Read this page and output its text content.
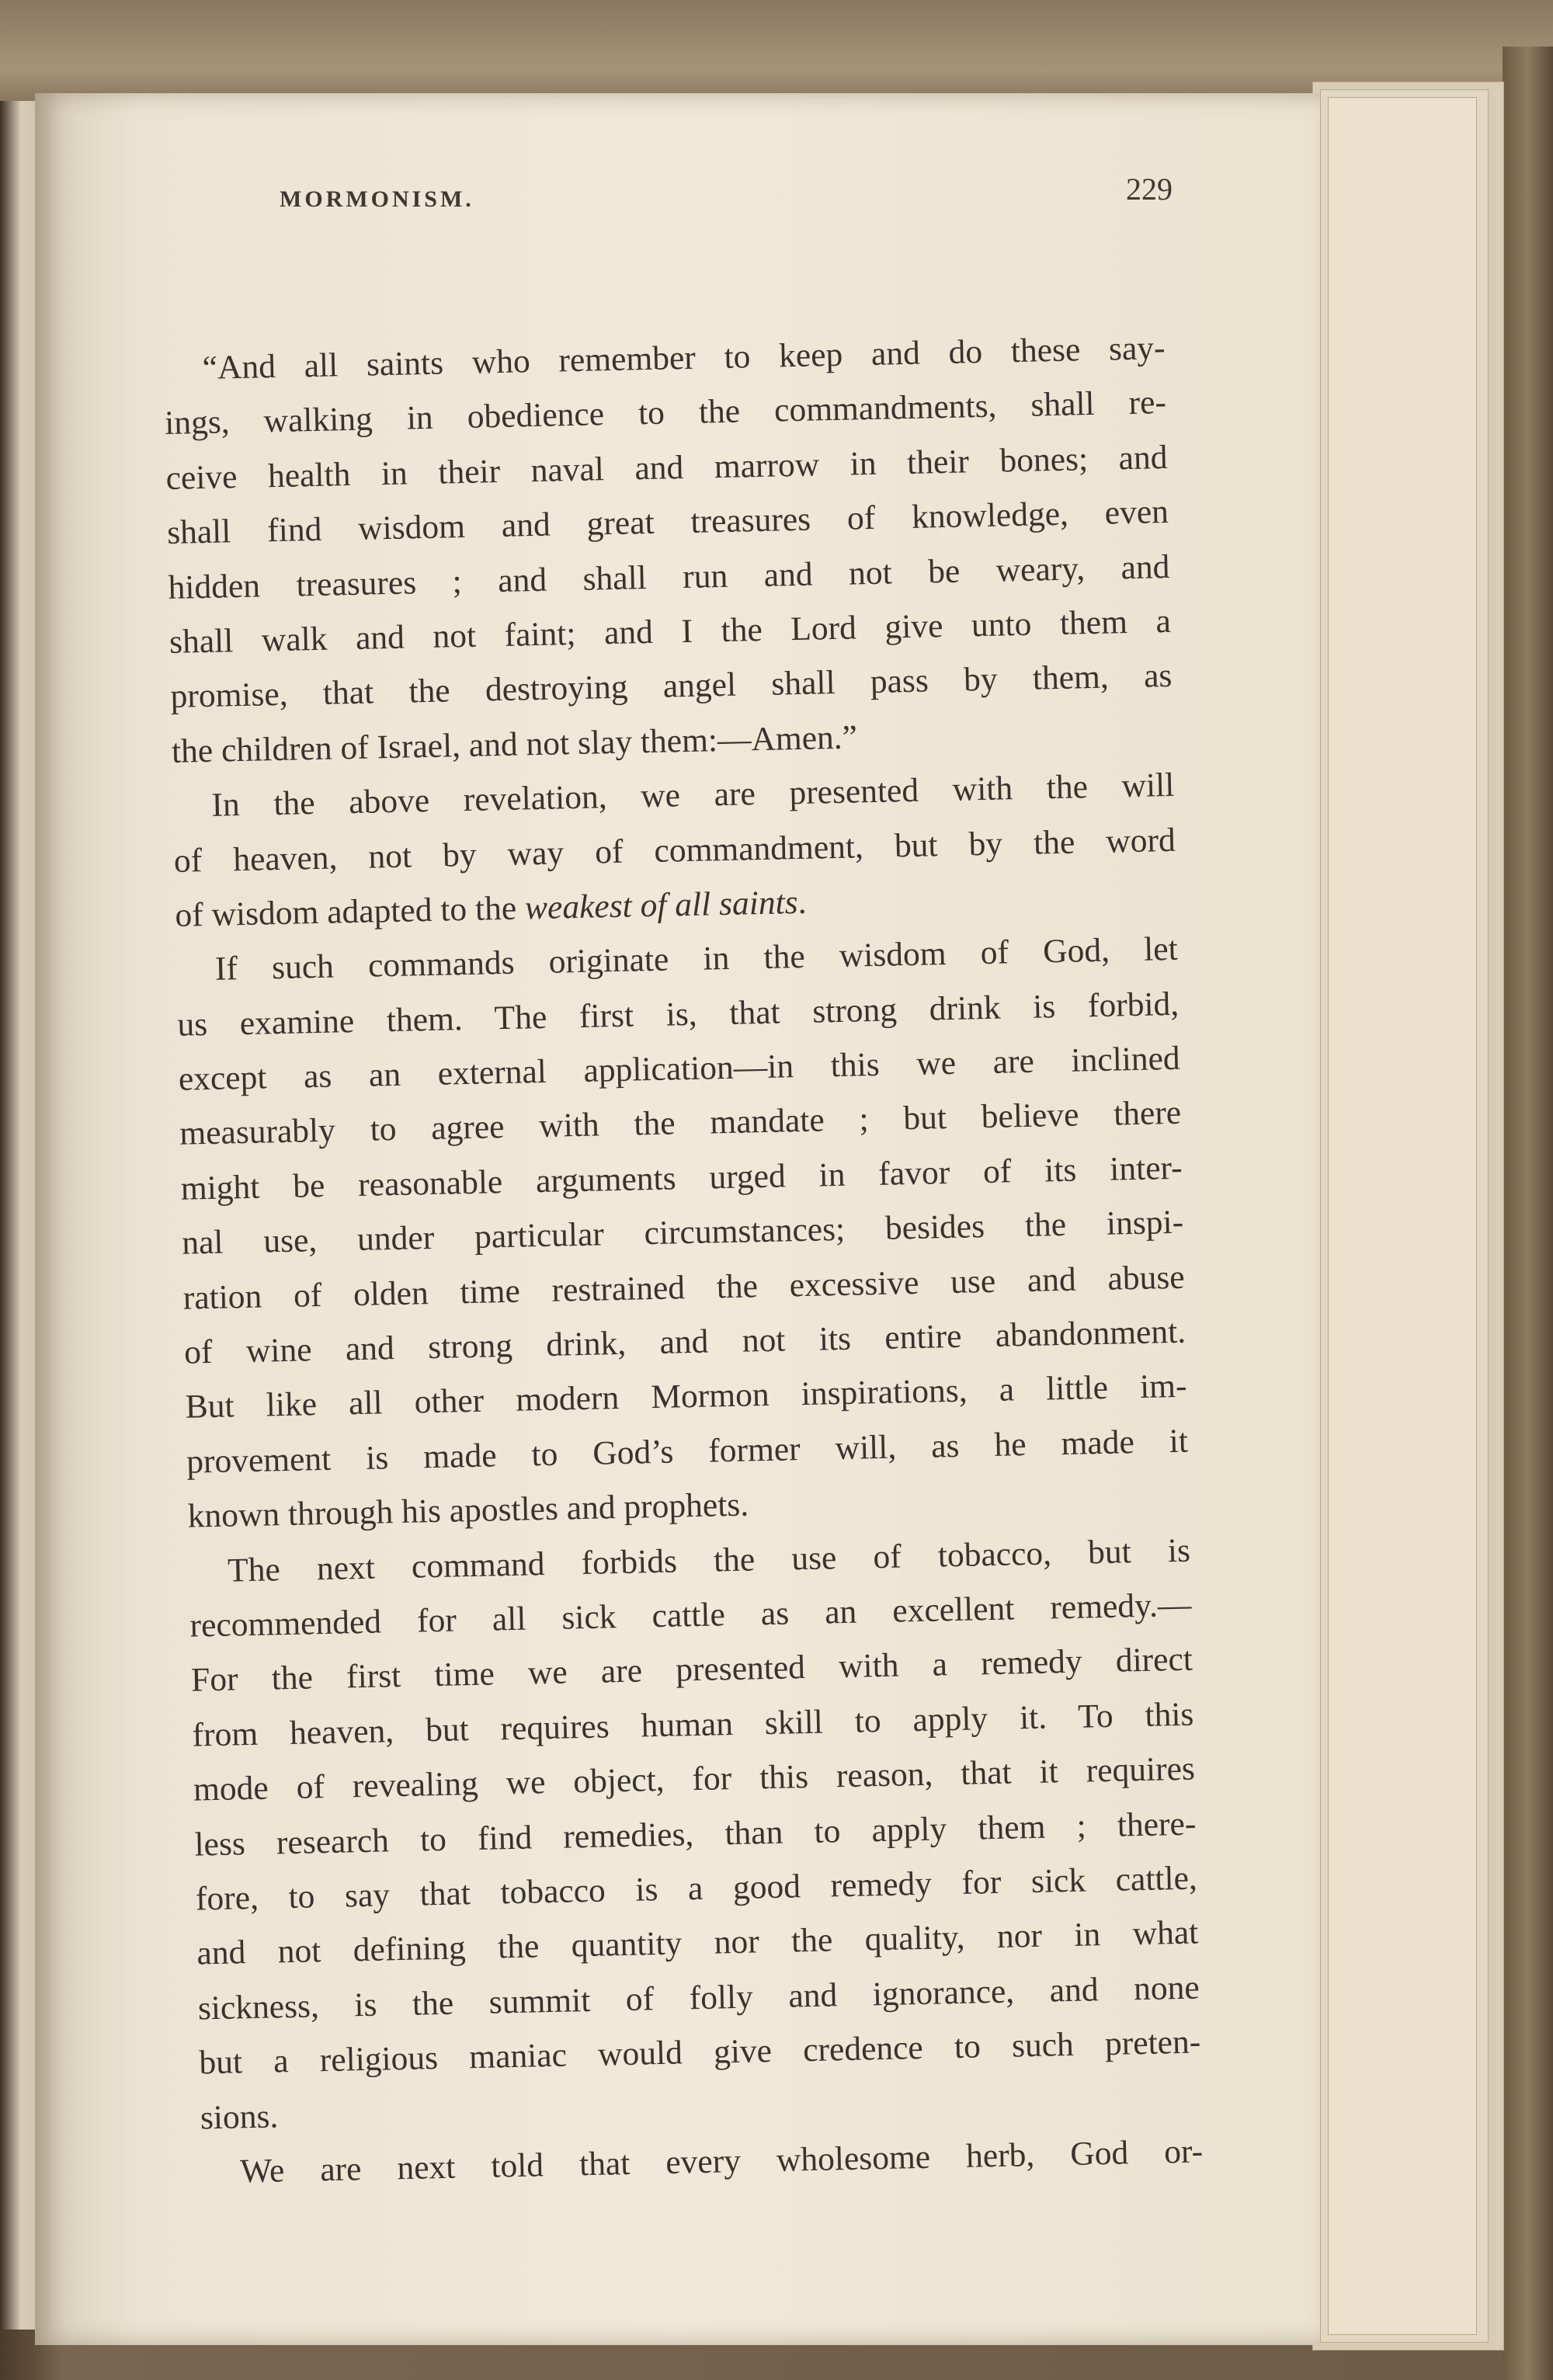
MORMONISM.	229
“And all saints who remember to keep and do these say-
ings, walking in obedience to the commandments, shall re-
ceive health in their naval and marrow in their bones; and
shall find wisdom and great treasures of knowledge, even
hidden treasures ; and shall run and not be weary, and
shall walk and not faint; and I the Lord give unto them a
promise, that the destroying angel shall pass by them, as
the children of Israel, and not slay them:—Amen.”
In the above revelation, we are presented with the will
of heaven, not by way of commandment, but by the word
of wisdom adapted to the weakest of all saints.
If such commands originate in the wisdom of God, let
us examine them. The first is, that strong drink is forbid,
except as an external application—in this we are inclined
measurably to agree with the mandate ; but believe there
might be reasonable arguments urged in favor of its inter-
nal use, under particular circumstances; besides the inspi-
ration of olden time restrained the excessive use and abuse
of wine and strong drink, and not its entire abandonment.
But like all other modern Mormon inspirations, a little im-
provement is made to God’s former will, as he made it
known through his apostles and prophets.
The next command forbids the use of tobacco, but is
recommended for all sick cattle as an excellent remedy.—
For the first time we are presented with a remedy direct
from heaven, but requires human skill to apply it. To this
mode of revealing we object, for this reason, that it requires
less research to find remedies, than to apply them ; there-
fore, to say that tobacco is a good remedy for sick cattle,
and not defining the quantity nor the quality, nor in what
sickness, is the summit of folly and ignorance, and none
but a religious maniac would give credence to such preten-
sions.
We are next told that every wholesome herb, God or-
